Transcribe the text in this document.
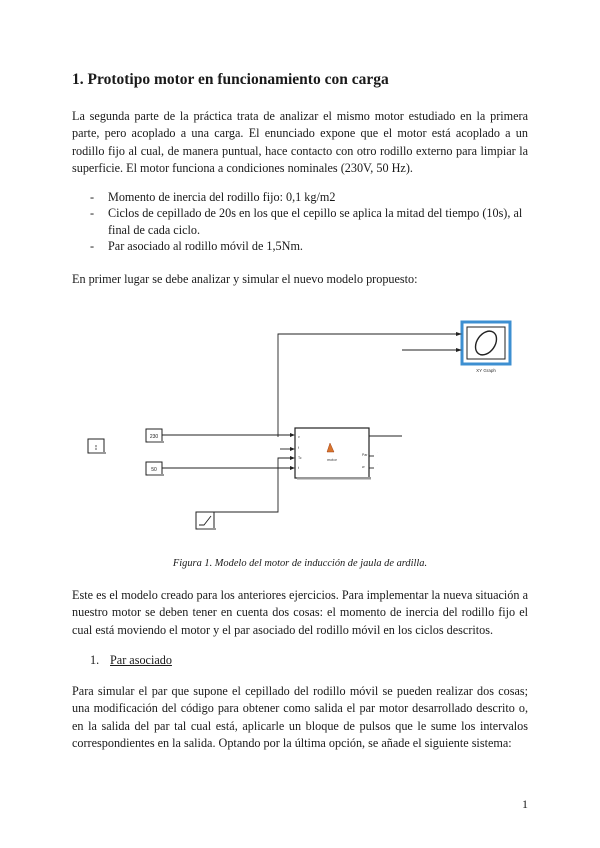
1. Prototipo motor en funcionamiento con carga

La segunda parte de la práctica trata de analizar el mismo motor estudiado en la primera parte, pero acoplado a una carga. El enunciado expone que el motor está acoplado a un rodillo fijo al cual, de manera puntual, hace contacto con otro rodillo externo para limpiar la superficie. El motor funciona a condiciones nominales (230V, 50 Hz).

- Momento de inercia del rodillo fijo: 0,1 kg/m2
- Ciclos de cepillado de 20s en los que el cepillo se aplica la mitad del tiempo (10s), al final de cada ciclo.
- Par asociado al rodillo móvil de 1,5Nm.

En primer lugar se debe analizar y simular el nuevo modelo propuesto:

XY Graph
¦¦
230
50
v
f
Tc
t
Par
w
motor
·
·
Figura 1. Modelo del motor de inducción de jaula de ardilla.

Este es el modelo creado para los anteriores ejercicios. Para implementar la nueva situación a nuestro motor se deben tener en cuenta dos cosas: el momento de inercia del rodillo fijo el cual está moviendo el motor y el par asociado del rodillo móvil en los ciclos descritos.

1. Par asociado

Para simular el par que supone el cepillado del rodillo móvil se pueden realizar dos cosas; una modificación del código para obtener como salida el par motor desarrollado descrito o, en la salida del par tal cual está, aplicarle un bloque de pulsos que le sume los intervalos correspondientes en la salida. Optando por la última opción, se añade el siguiente sistema:

1
